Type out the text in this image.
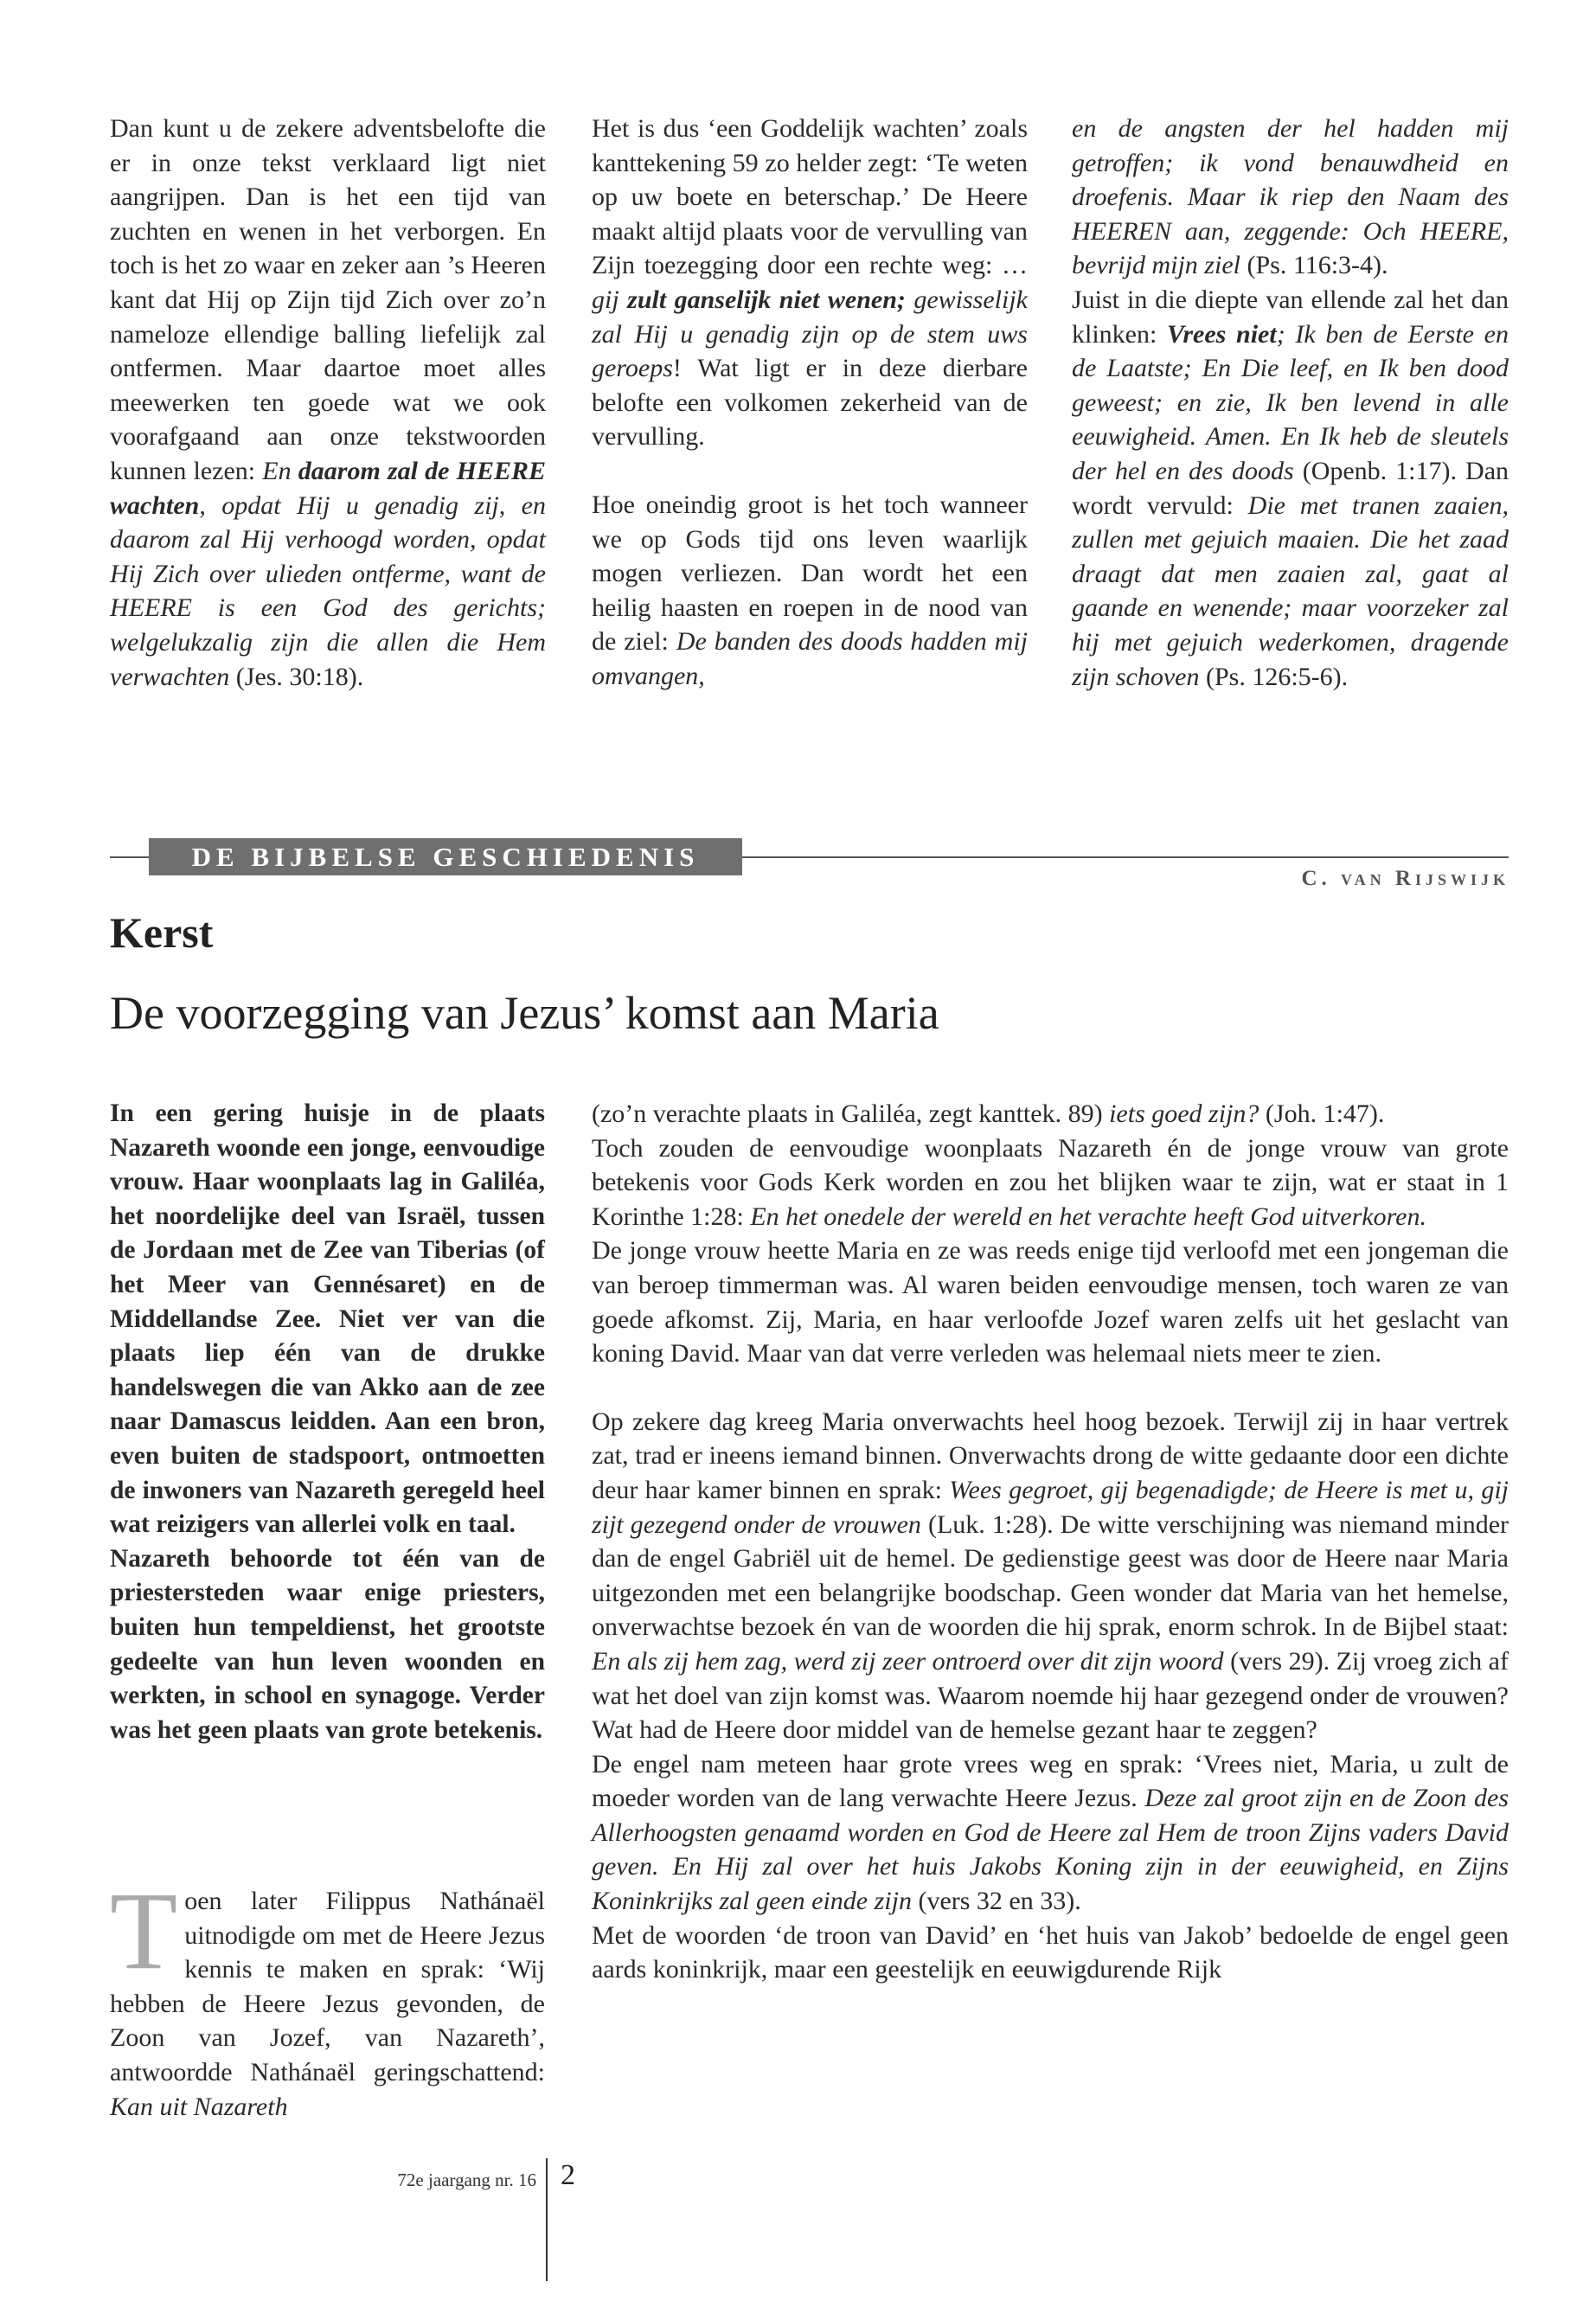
Dan kunt u de zekere adventsbelofte die er in onze tekst verklaard ligt niet aangrijpen. Dan is het een tijd van zuchten en wenen in het verborgen. En toch is het zo waar en zeker aan ’s Heeren kant dat Hij op Zijn tijd Zich over zo’n nameloze ellendige balling liefelijk zal ontfermen. Maar daartoe moet alles meewerken ten goede wat we ook voorafgaand aan onze tekstwoorden kunnen lezen: En daarom zal de HEERE wachten, opdat Hij u genadig zij, en daarom zal Hij verhoogd worden, opdat Hij Zich over ulieden ontferme, want de HEERE is een God des gerichts; welgelukzalig zijn die allen die Hem verwachten (Jes. 30:18).

Het is dus ‘een Goddelijk wachten’ zoals kanttekening 59 zo helder zegt: ‘Te weten op uw boete en beterschap.’ De Heere maakt altijd plaats voor de vervulling van Zijn toezegging door een rechte weg: … gij zult ganselijk niet wenen; gewisselijk zal Hij u genadig zijn op de stem uws geroeps! Wat ligt er in deze dierbare belofte een volkomen zekerheid van de vervulling.

Hoe oneindig groot is het toch wanneer we op Gods tijd ons leven waarlijk mogen verliezen. Dan wordt het een heilig haasten en roepen in de nood van de ziel: De banden des doods hadden mij omvangen,

en de angsten der hel hadden mij getroffen; ik vond benauwdheid en droefenis. Maar ik riep den Naam des HEEREN aan, zeggende: Och HEERE, bevrijd mijn ziel (Ps. 116:3-4).

Juist in die diepte van ellende zal het dan klinken: Vrees niet; Ik ben de Eerste en de Laatste; En Die leef, en Ik ben dood geweest; en zie, Ik ben levend in alle eeuwigheid. Amen. En Ik heb de sleutels der hel en des doods (Openb. 1:17). Dan wordt vervuld: Die met tranen zaaien, zullen met gejuich maaien. Die het zaad draagt dat men zaaien zal, gaat al gaande en wenende; maar voorzeker zal hij met gejuich wederkomen, dragende zijn schoven (Ps. 126:5-6).

DE BIJBELSE GESCHIEDENIS
C. van Rijswijk
Kerst
De voorzegging van Jezus’ komst aan Maria

In een gering huisje in de plaats Nazareth woonde een jonge, eenvoudige vrouw. Haar woonplaats lag in Galiléa, het noordelijke deel van Israël, tussen de Jordaan met de Zee van Tiberias (of het Meer van Gennésaret) en de Middellandse Zee. Niet ver van die plaats liep één van de drukke handelswegen die van Akko aan de zee naar Damascus leidden. Aan een bron, even buiten de stadspoort, ontmoetten de inwoners van Nazareth geregeld heel wat reizigers van allerlei volk en taal.

Nazareth behoorde tot één van de priestersteden waar enige priesters, buiten hun tempeldienst, het grootste gedeelte van hun leven woonden en werkten, in school en synagoge. Verder was het geen plaats van grote betekenis.

Toen later Filippus Nathánaël uitnodigde om met de Heere Jezus kennis te maken en sprak: ‘Wij hebben de Heere Jezus gevonden, de Zoon van Jozef, van Nazareth’, antwoordde Nathánaël geringschattend: Kan uit Nazareth

(zo’n verachte plaats in Galiléa, zegt kanttek. 89) iets goed zijn? (Joh. 1:47).

Toch zouden de eenvoudige woonplaats Nazareth én de jonge vrouw van grote betekenis voor Gods Kerk worden en zou het blijken waar te zijn, wat er staat in 1 Korinthe 1:28: En het onedele der wereld en het verachte heeft God uitverkoren.

De jonge vrouw heette Maria en ze was reeds enige tijd verloofd met een jongeman die van beroep timmerman was. Al waren beiden eenvoudige mensen, toch waren ze van goede afkomst. Zij, Maria, en haar verloofde Jozef waren zelfs uit het geslacht van koning David. Maar van dat verre verleden was helemaal niets meer te zien.

Op zekere dag kreeg Maria onverwachts heel hoog bezoek. Terwijl zij in haar vertrek zat, trad er ineens iemand binnen. Onverwachts drong de witte gedaante door een dichte deur haar kamer binnen en sprak: Wees gegroet, gij begenadigde; de Heere is met u, gij zijt gezegend onder de vrouwen (Luk. 1:28). De witte verschijning was niemand minder dan de engel Gabriël uit de hemel. De gedienstige geest was door de Heere naar Maria uitgezonden met een belangrijke boodschap. Geen wonder dat Maria van het hemelse, onverwachtse bezoek én van de woorden die hij sprak, enorm schrok. In de Bijbel staat: En als zij hem zag, werd zij zeer ontroerd over dit zijn woord (vers 29). Zij vroeg zich af wat het doel van zijn komst was. Waarom noemde hij haar gezegend onder de vrouwen? Wat had de Heere door middel van de hemelse gezant haar te zeggen?

De engel nam meteen haar grote vrees weg en sprak: ‘Vrees niet, Maria, u zult de moeder worden van de lang verwachte Heere Jezus. Deze zal groot zijn en de Zoon des Allerhoogsten genaamd worden en God de Heere zal Hem de troon Zijns vaders David geven. En Hij zal over het huis Jakobs Koning zijn in der eeuwigheid, en Zijns Koninkrijks zal geen einde zijn (vers 32 en 33).

Met de woorden ‘de troon van David’ en ‘het huis van Jakob’ bedoelde de engel geen aards koninkrijk, maar een geestelijk en eeuwigdurende Rijk

72e jaargang nr. 16 2
